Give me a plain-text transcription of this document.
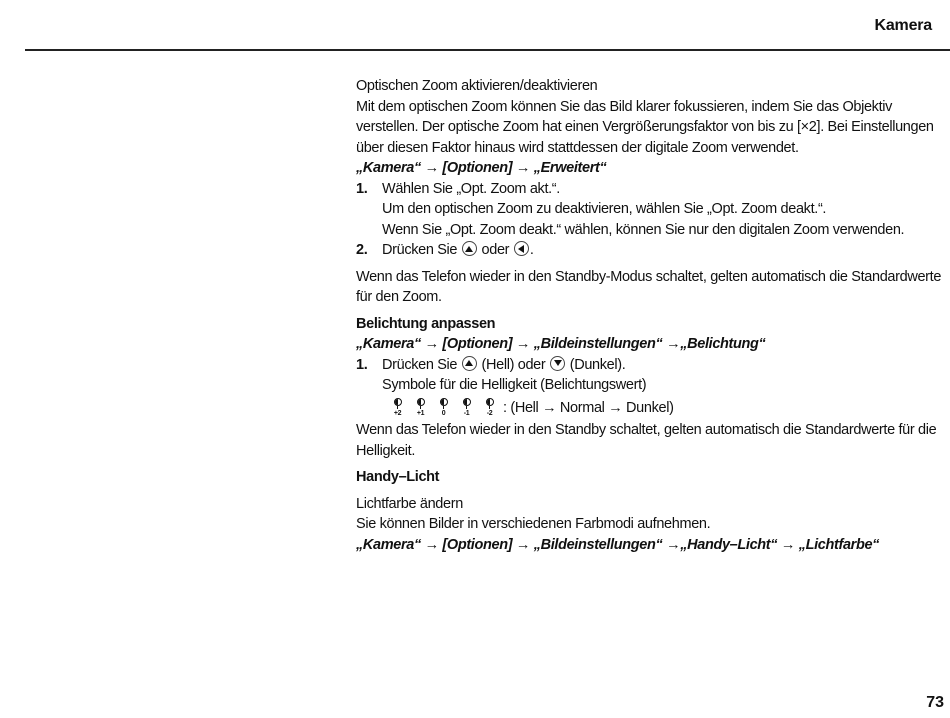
Kamera

Optischen Zoom aktivieren/deaktivieren

Mit dem optischen Zoom können Sie das Bild klarer fokussieren, indem Sie das Objektiv verstellen. Der optische Zoom hat einen Vergrößerungsfaktor von bis zu [×2]. Bei Einstellungen über diesen Faktor hinaus wird stattdessen der digitale Zoom verwendet.

„Kamera“ → [Optionen] → „Erweitert“

1.	Wählen Sie „Opt. Zoom akt.“.

Um den optischen Zoom zu deaktivieren, wählen Sie „Opt. Zoom deakt.“.

Wenn Sie „Opt. Zoom deakt.“ wählen, können Sie nur den digitalen Zoom verwenden.

2.	Drücken Sie oder .

Wenn das Telefon wieder in den Standby-Modus schaltet, gelten automatisch die Standardwerte für den Zoom.

Belichtung anpassen

„Kamera“ → [Optionen] → „Bildeinstellungen“ →„Belichtung“

1.	Drücken Sie (Hell) oder (Dunkel).

Symbole für die Helligkeit (Belichtungswert)

+2 +1	0	-1 -2 : (Hell → Normal → Dunkel)

Wenn das Telefon wieder in den Standby schaltet, gelten automatisch die Standardwerte für die Helligkeit.

Handy–Licht

Lichtfarbe ändern

Sie können Bilder in verschiedenen Farbmodi aufnehmen.

„Kamera“ → [Optionen] → „Bildeinstellungen“ →„Handy–Licht“ → „Lichtfarbe“

73
